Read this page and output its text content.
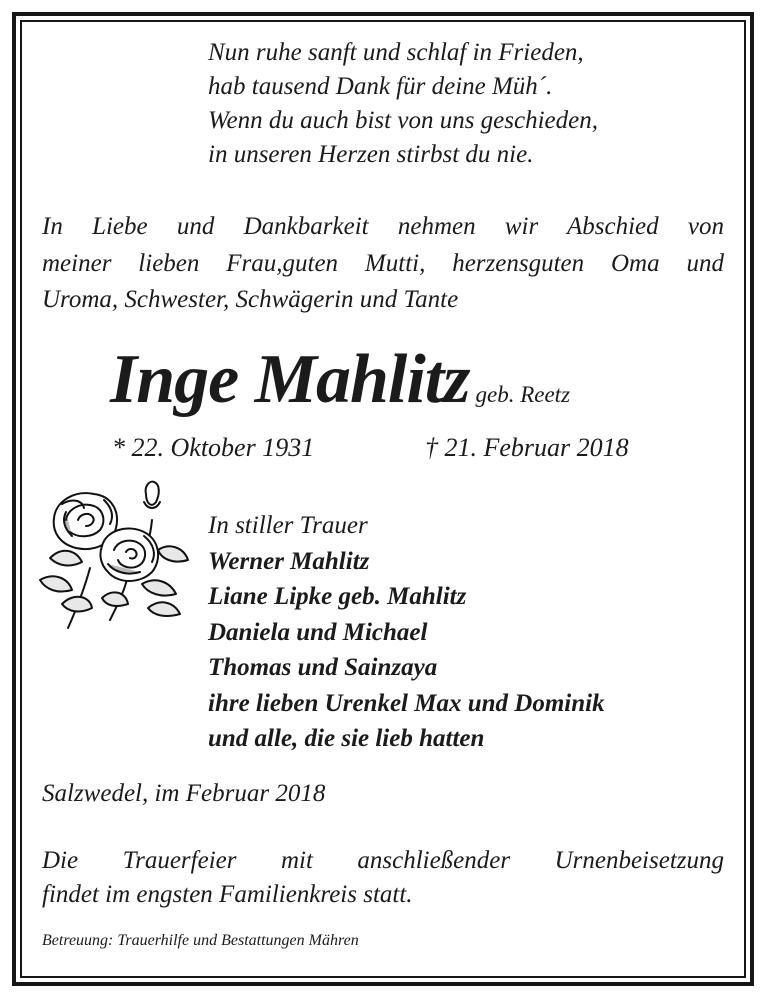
Nun ruhe sanft und schlaf in Frieden,
hab tausend Dank für deine Müh´.
Wenn du auch bist von uns geschieden,
in unseren Herzen stirbst du nie.
In Liebe und Dankbarkeit nehmen wir Abschied von
meiner lieben Frau,guten Mutti, herzensguten Oma und
Uroma, Schwester, Schwägerin und Tante
Inge Mahlitz geb. Reetz
* 22. Oktober 1931	† 21. Februar 2018
In stiller Trauer
Werner Mahlitz
Liane Lipke geb. Mahlitz
Daniela und Michael
Thomas und Sainzaya
ihre lieben Urenkel Max und Dominik
und alle, die sie lieb hatten
Salzwedel, im Februar 2018
Die Trauerfeier mit anschließender Urnenbeisetzung
findet im engsten Familienkreis statt.
Betreuung: Trauerhilfe und Bestattungen Mähren
